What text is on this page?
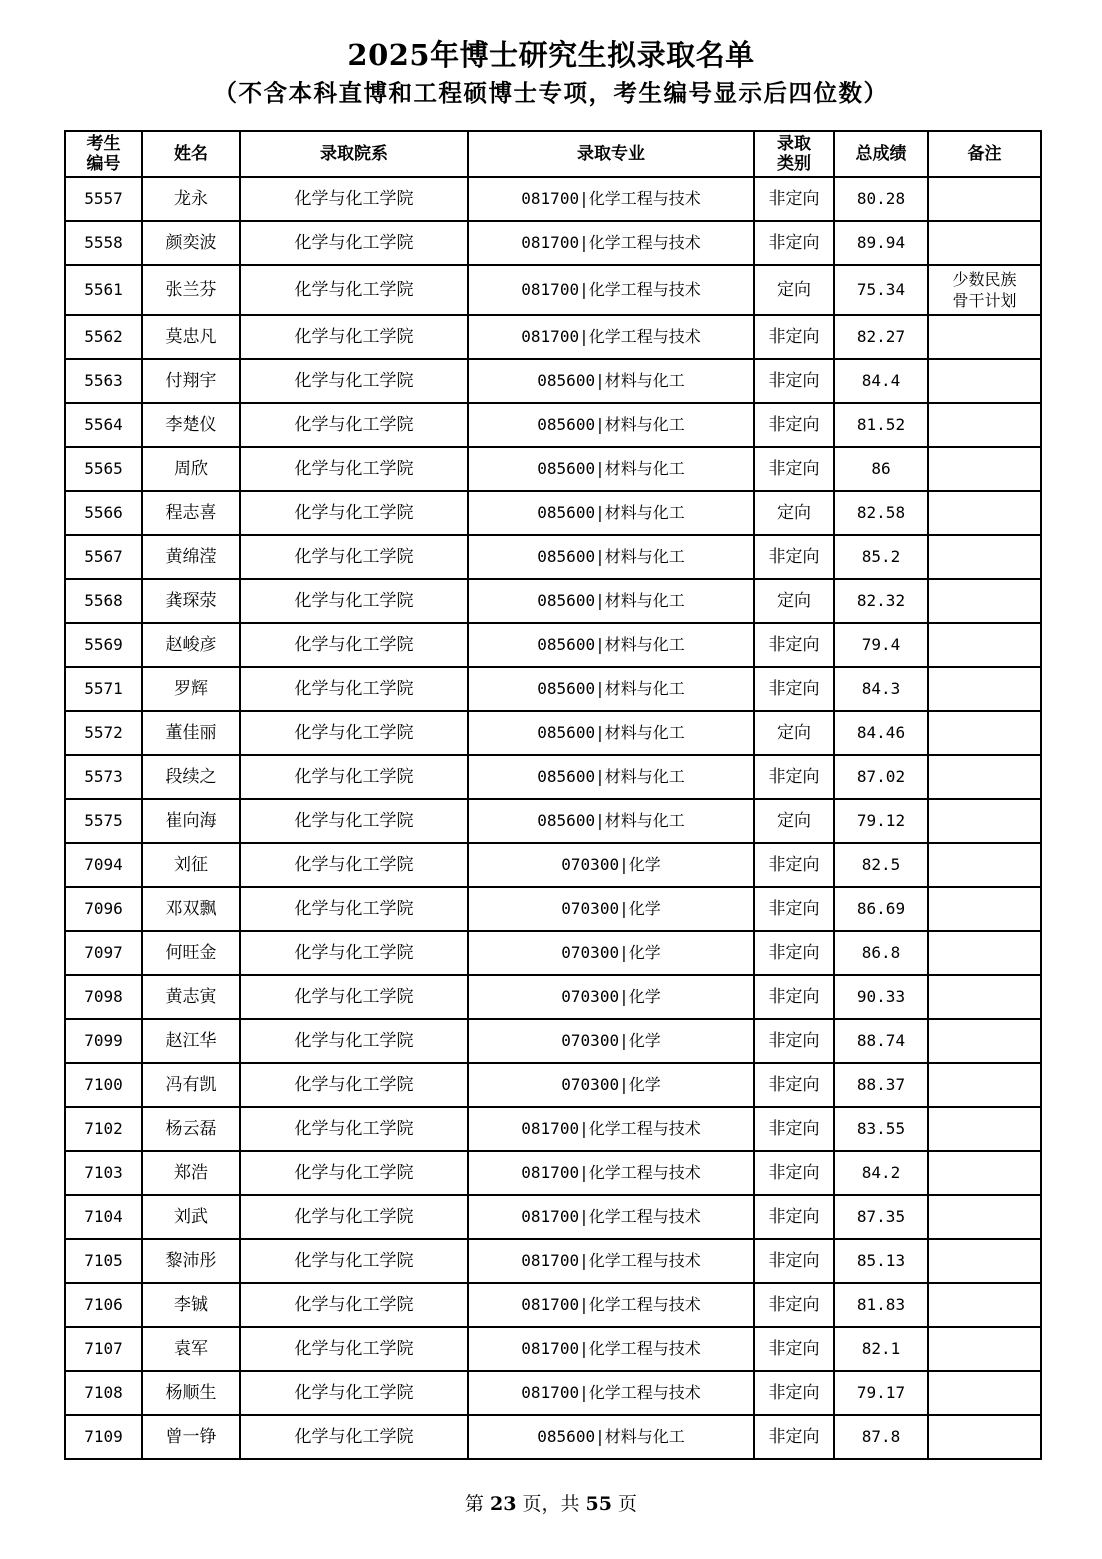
2025年博士研究生拟录取名单
（不含本科直博和工程硕博士专项，考生编号显示后四位数）
考生编号	姓名	录取院系	录取专业	录取类别	总成绩	备注
5557	龙永	化学与化工学院	081700|化学工程与技术	非定向	80.28	
5558	颜奕波	化学与化工学院	081700|化学工程与技术	非定向	89.94	
5561	张兰芬	化学与化工学院	081700|化学工程与技术	定向	75.34	少数民族骨干计划
5562	莫忠凡	化学与化工学院	081700|化学工程与技术	非定向	82.27	
5563	付翔宇	化学与化工学院	085600|材料与化工	非定向	84.4	
5564	李楚仪	化学与化工学院	085600|材料与化工	非定向	81.52	
5565	周欣	化学与化工学院	085600|材料与化工	非定向	86	
5566	程志喜	化学与化工学院	085600|材料与化工	定向	82.58	
5567	黄绵滢	化学与化工学院	085600|材料与化工	非定向	85.2	
5568	龚琛荥	化学与化工学院	085600|材料与化工	定向	82.32	
5569	赵峻彦	化学与化工学院	085600|材料与化工	非定向	79.4	
5571	罗辉	化学与化工学院	085600|材料与化工	非定向	84.3	
5572	董佳丽	化学与化工学院	085600|材料与化工	定向	84.46	
5573	段续之	化学与化工学院	085600|材料与化工	非定向	87.02	
5575	崔向海	化学与化工学院	085600|材料与化工	定向	79.12	
7094	刘征	化学与化工学院	070300|化学	非定向	82.5	
7096	邓双飘	化学与化工学院	070300|化学	非定向	86.69	
7097	何旺金	化学与化工学院	070300|化学	非定向	86.8	
7098	黄志寅	化学与化工学院	070300|化学	非定向	90.33	
7099	赵江华	化学与化工学院	070300|化学	非定向	88.74	
7100	冯有凯	化学与化工学院	070300|化学	非定向	88.37	
7102	杨云磊	化学与化工学院	081700|化学工程与技术	非定向	83.55	
7103	郑浩	化学与化工学院	081700|化学工程与技术	非定向	84.2	
7104	刘武	化学与化工学院	081700|化学工程与技术	非定向	87.35	
7105	黎沛彤	化学与化工学院	081700|化学工程与技术	非定向	85.13	
7106	李铖	化学与化工学院	081700|化学工程与技术	非定向	81.83	
7107	袁军	化学与化工学院	081700|化学工程与技术	非定向	82.1	
7108	杨顺生	化学与化工学院	081700|化学工程与技术	非定向	79.17	
7109	曾一铮	化学与化工学院	085600|材料与化工	非定向	87.8	
第 23 页，共 55 页
